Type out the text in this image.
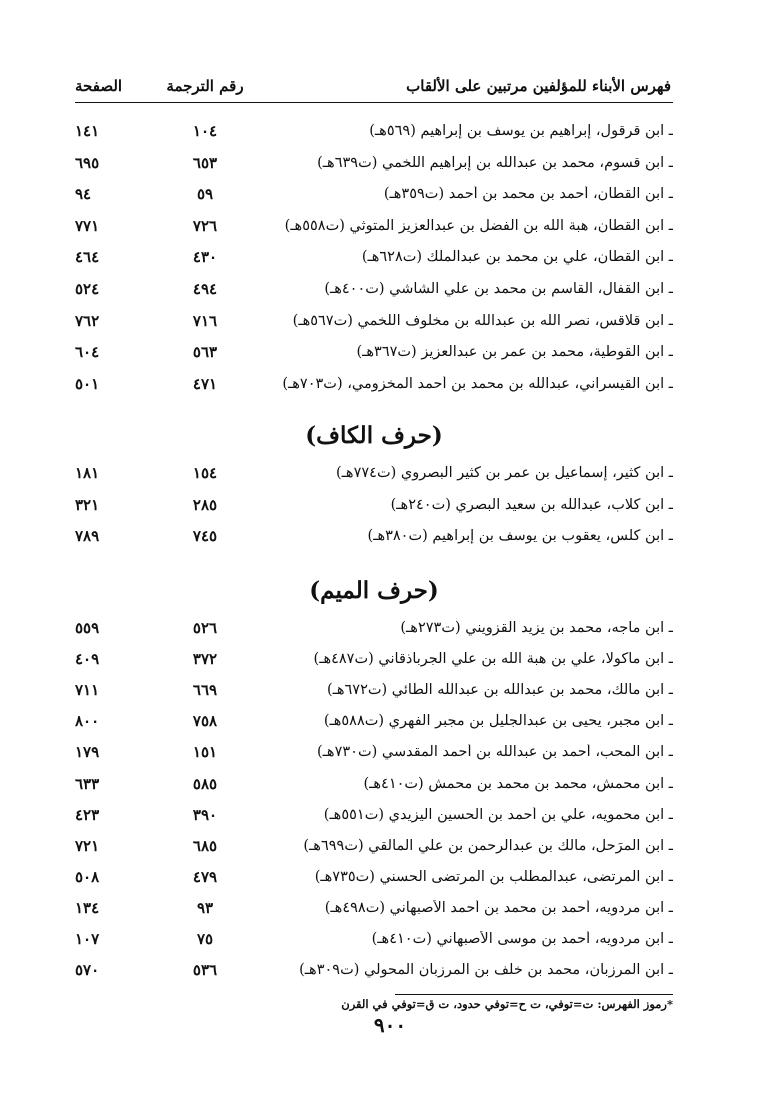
فهرس الأبناء للمؤلفين مرتبين على الألقاب
رقم الترجمة
الصفحة
ـ ابن قرقول، إبراهيم بن يوسف بن إبراهيم (٥٦٩هـ)
١٠٤
١٤١
ـ ابن قسوم، محمد بن عبدالله بن إبراهيم اللخمي (ت٦٣٩هـ)
٦٥٣
٦٩٥
ـ ابن القطان، أحمد بن محمد بن أحمد (ت٣٥٩هـ)
٥٩
٩٤
ـ ابن القطان، هبة الله بن الفضل بن عبدالعزيز المتوثي (ت٥٥٨هـ)
٧٢٦
٧٧١
ـ ابن القطان، علي بن محمد بن عبدالملك (ت٦٢٨هـ)
٤٣٠
٤٦٤
ـ ابن القفال، القاسم بن محمد بن علي الشاشي (ت٤٠٠هـ)
٤٩٤
٥٢٤
ـ ابن قلاقس، نصر الله بن عبدالله بن مخلوف اللخمي (ت٥٦٧هـ)
٧١٦
٧٦٢
ـ ابن القوطية، محمد بن عمر بن عبدالعزيز (ت٣٦٧هـ)
٥٦٣
٦٠٤
ـ ابن القيسراني، عبدالله بن محمد بن أحمد المخزومي، (ت٧٠٣هـ)
٤٧١
٥٠١
(حرف الكاف)
ـ ابن كثير، إسماعيل بن عمر بن كثير البصروي (ت٧٧٤هـ)
١٥٤
١٨١
ـ ابن كلاب، عبدالله بن سعيد البصري (ت٢٤٠هـ)
٢٨٥
٣٢١
ـ ابن كلس، يعقوب بن يوسف بن إبراهيم (ت٣٨٠هـ)
٧٤٥
٧٨٩
(حرف الميم)
ـ ابن ماجه، محمد بن يزيد القزويني (ت٢٧٣هـ)
٥٢٦
٥٥٩
ـ ابن ماكولا، علي بن هبة الله بن علي الجرباذقاني (ت٤٨٧هـ)
٣٧٢
٤٠٩
ـ ابن مالك، محمد بن عبدالله بن عبدالله الطائي (ت٦٧٢هـ)
٦٦٩
٧١١
ـ ابن مجبر، يحيى بن عبدالجليل بن مجبر الفهري (ت٥٨٨هـ)
٧٥٨
٨٠٠
ـ ابن المحب، أحمد بن عبدالله بن أحمد المقدسي (ت٧٣٠هـ)
١٥١
١٧٩
ـ ابن محمش، محمد بن محمد بن محمش (ت٤١٠هـ)
٥٨٥
٦٣٣
ـ ابن محمويه، علي بن أحمد بن الحسين اليزيدي (ت٥٥١هـ)
٣٩٠
٤٢٣
ـ ابن المرَحل، مالك بن عبدالرحمن بن علي المالقي (ت٦٩٩هـ)
٦٨٥
٧٢١
ـ ابن المرتضى، عبدالمطلب بن المرتضى الحسني (ت٧٣٥هـ)
٤٧٩
٥٠٨
ـ ابن مردويه، أحمد بن محمد بن أحمد الأصبهاني (ت٤٩٨هـ)
٩٣
١٣٤
ـ ابن مردويه، أحمد بن موسى الأصبهاني (ت٤١٠هـ)
٧٥
١٠٧
ـ ابن المرزبان، محمد بن خلف بن المرزبان المحولي (ت٣٠٩هـ)
٥٣٦
٥٧٠
*رموز الفهرس: ت=توفي، ت ح=توفي حدود، ت ق=توفي في القرن
٩٠٠
